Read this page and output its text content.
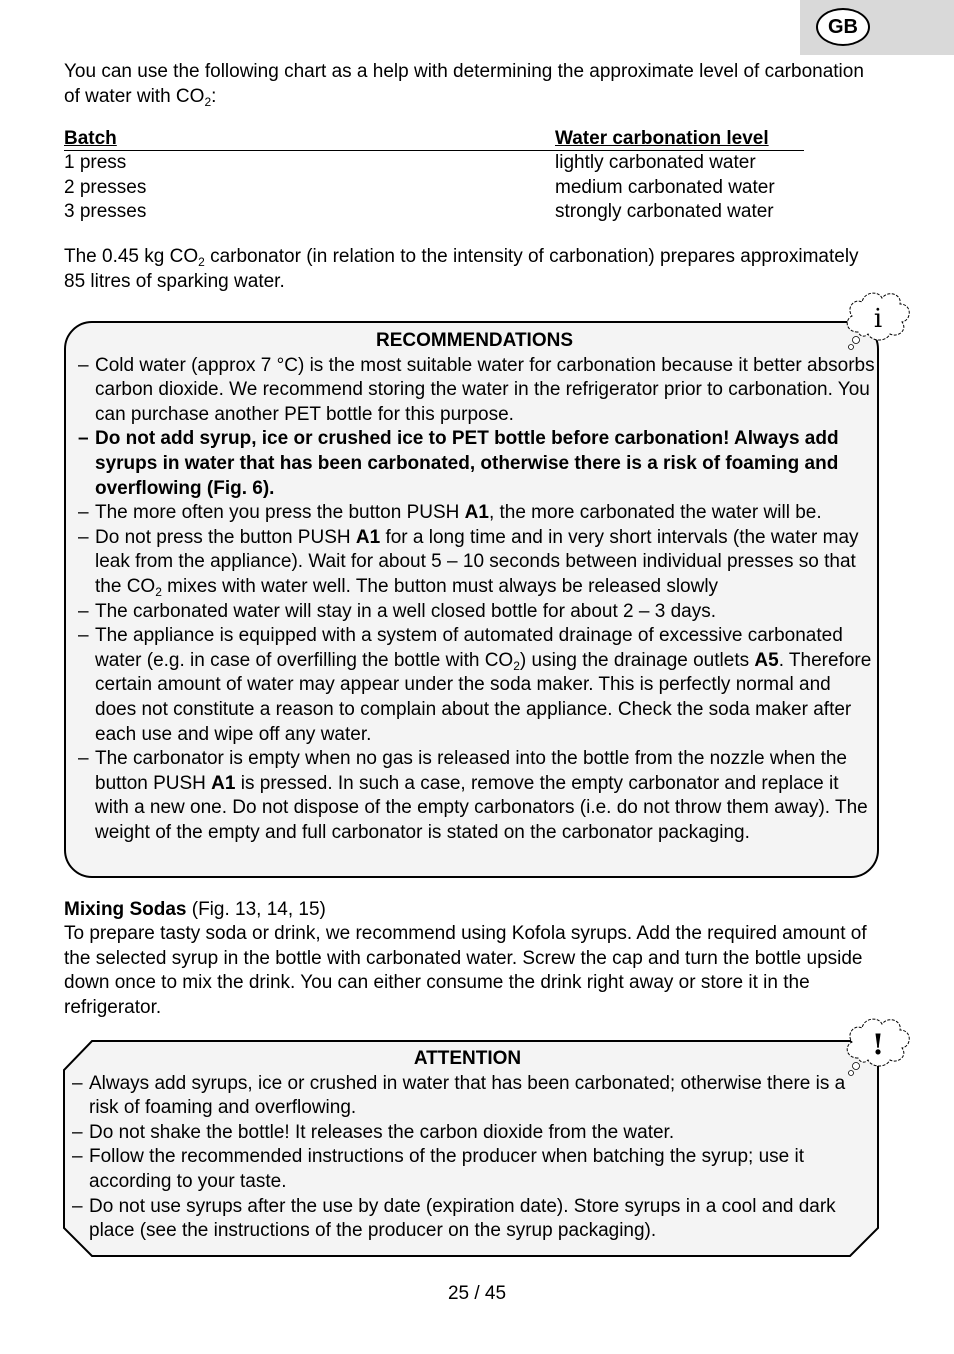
GB
You can use the following chart as a help with determining the approximate level of carbonation of water with $CO_2$:
Batch	Water carbonation level
1 press	lightly carbonated water
2 presses	medium carbonated water
3 presses	strongly carbonated water
The 0.45 kg $CO_2$ carbonator (in relation to the intensity of carbonation) prepares approximately 85 litres of sparking water.
RECOMMENDATIONS
– Cold water (approx 7 °C) is the most suitable water for carbonation because it better absorbs carbon dioxide. We recommend storing the water in the refrigerator prior to carbonation. You can purchase another PET bottle for this purpose.
– Do not add syrup, ice or crushed ice to PET bottle before carbonation! Always add syrups in water that has been carbonated, otherwise there is a risk of foaming and overflowing (Fig. 6).
– The more often you press the button PUSH A1, the more carbonated the water will be.
– Do not press the button PUSH A1 for a long time and in very short intervals (the water may leak from the appliance). Wait for about 5 – 10 seconds between individual presses so that the $CO_2$ mixes with water well. The button must always be released slowly
– The carbonated water will stay in a well closed bottle for about 2 – 3 days.
– The appliance is equipped with a system of automated drainage of excessive carbonated water (e.g. in case of overfilling the bottle with $CO_2$) using the drainage outlets A5. Therefore certain amount of water may appear under the soda maker. This is perfectly normal and does not constitute a reason to complain about the appliance. Check the soda maker after each use and wipe off any water.
– The carbonator is empty when no gas is released into the bottle from the nozzle when the button PUSH A1 is pressed. In such a case, remove the empty carbonator and replace it with a new one. Do not dispose of the empty carbonators (i.e. do not throw them away). The weight of the empty and full carbonator is stated on the carbonator packaging.
i
Mixing Sodas (Fig. 13, 14, 15)
To prepare tasty soda or drink, we recommend using Kofola syrups. Add the required amount of the selected syrup in the bottle with carbonated water. Screw the cap and turn the bottle upside down once to mix the drink. You can either consume the drink right away or store it in the refrigerator.
ATTENTION
– Always add syrups, ice or crushed in water that has been carbonated; otherwise there is a risk of foaming and overflowing.
– Do not shake the bottle! It releases the carbon dioxide from the water.
– Follow the recommended instructions of the producer when batching the syrup; use it according to your taste.
– Do not use syrups after the use by date (expiration date). Store syrups in a cool and dark place (see the instructions of the producer on the syrup packaging).
!
25 / 45
